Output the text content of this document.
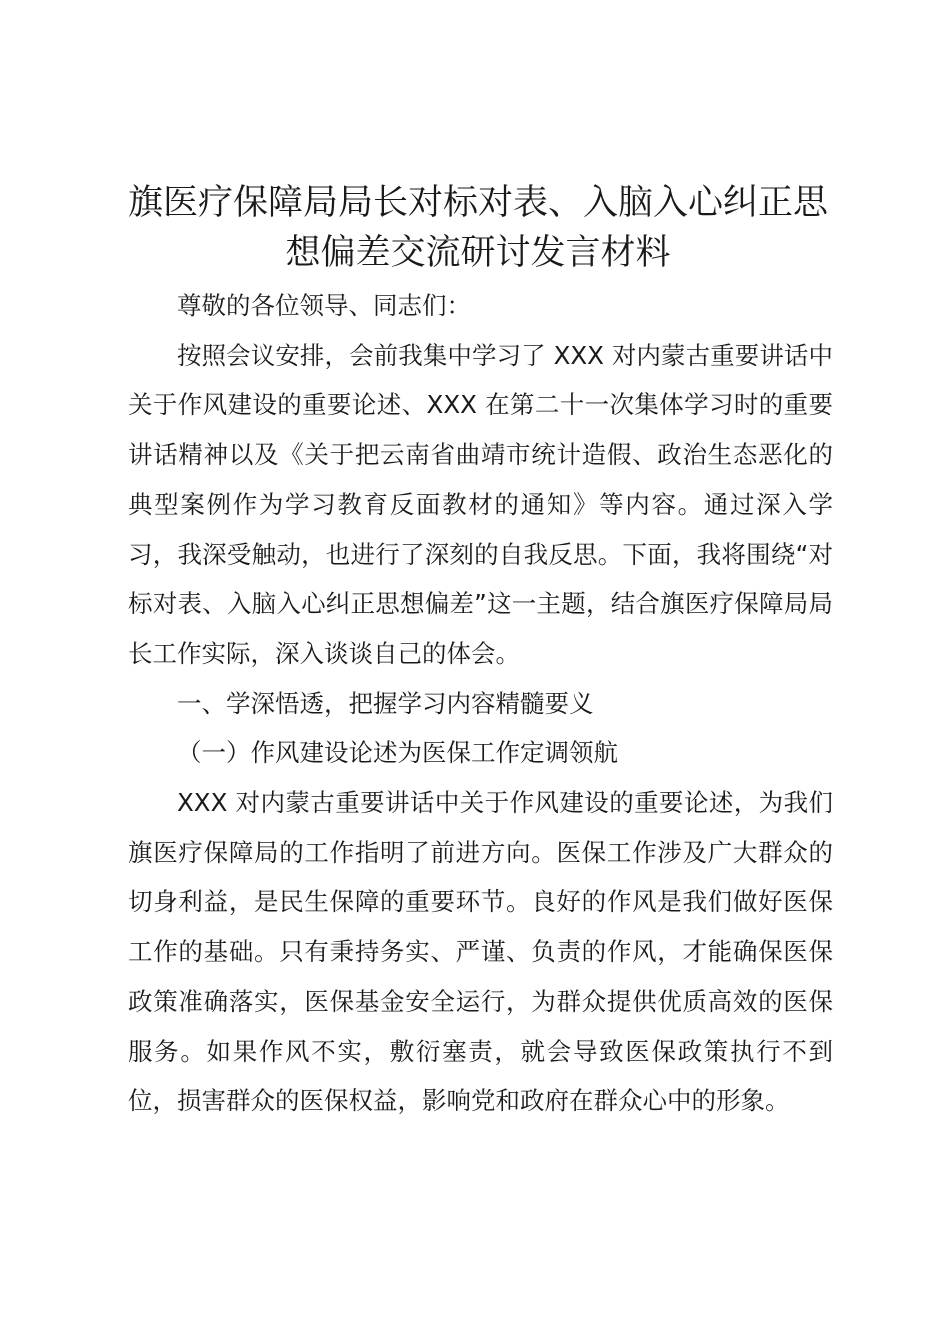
旗医疗保障局局长对标对表、入脑入心纠正思
想偏差交流研讨发言材料

尊敬的各位领导、同志们：

按照会议安排，会前我集中学习了 XXX 对内蒙古重要讲话中关于作风建设的重要论述、XXX 在第二十一次集体学习时的重要讲话精神以及《关于把云南省曲靖市统计造假、政治生态恶化的典型案例作为学习教育反面教材的通知》等内容。通过深入学习，我深受触动，也进行了深刻的自我反思。下面，我将围绕“对标对表、入脑入心纠正思想偏差”这一主题，结合旗医疗保障局局长工作实际，深入谈谈自己的体会。

一、学深悟透，把握学习内容精髓要义

（一）作风建设论述为医保工作定调领航

XXX 对内蒙古重要讲话中关于作风建设的重要论述，为我们旗医疗保障局的工作指明了前进方向。医保工作涉及广大群众的切身利益，是民生保障的重要环节。良好的作风是我们做好医保工作的基础。只有秉持务实、严谨、负责的作风，才能确保医保政策准确落实，医保基金安全运行，为群众提供优质高效的医保服务。如果作风不实，敷衍塞责，就会导致医保政策执行不到位，损害群众的医保权益，影响党和政府在群众心中的形象。
